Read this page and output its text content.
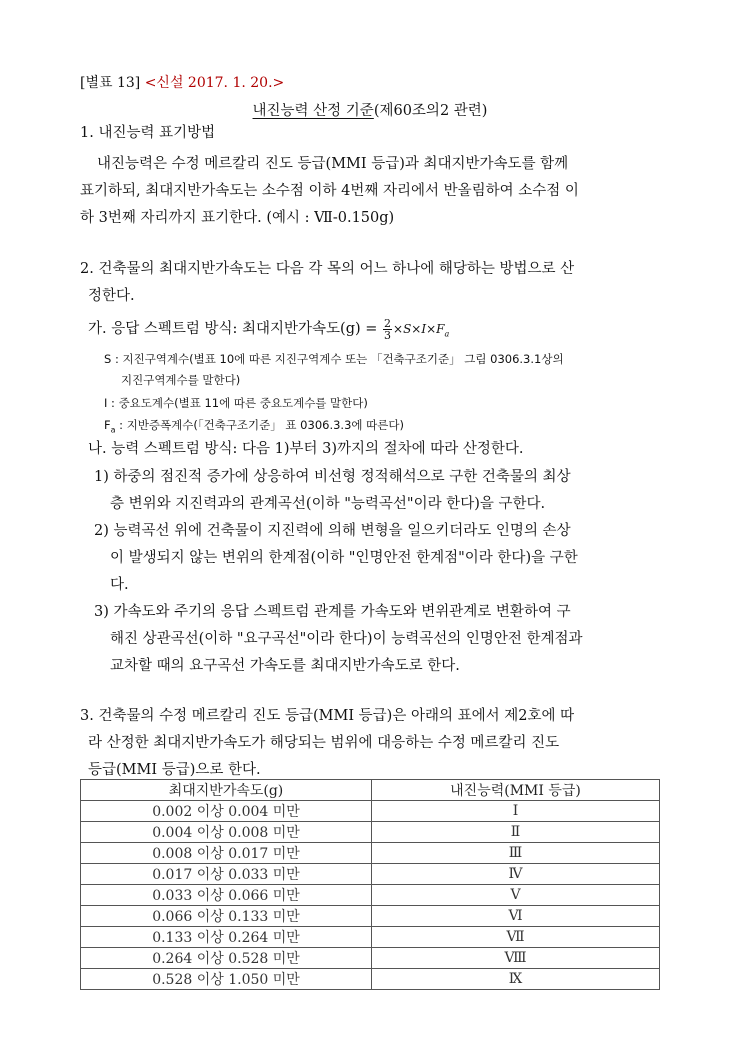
[별표 13] <신설 2017. 1. 20.>
내진능력 산정 기준(제60조의2 관련)
1. 내진능력 표기방법
내진능력은 수정 메르칼리 진도 등급(MMI 등급)과 최대지반가속도를 함께
표기하되, 최대지반가속도는 소수점 이하 4번째 자리에서 반올림하여 소수점 이
하 3번째 자리까지 표기한다. (예시 : Ⅶ-0.150g)
2. 건축물의 최대지반가속도는 다음 각 목의 어느 하나에 해당하는 방법으로 산
정한다.
가. 응답 스펙트럼 방식: 최대지반가속도$(g) = \frac{2}{3} \times S\times I\times F_a$
S : 지진구역계수(별표 10에 따른 지진구역계수 또는 「건축구조기준」 그림 0306.3.1상의
지진구역계수를 말한다)
I : 중요도계수(별표 11에 따른 중요도계수를 말한다)
$F_a$ : 지반증폭계수(「건축구조기준」 표 0306.3.3에 따른다)
나. 능력 스펙트럼 방식: 다음 1)부터 3)까지의 절차에 따라 산정한다.
1) 하중의 점진적 증가에 상응하여 비선형 정적해석으로 구한 건축물의 최상
층 변위와 지진력과의 관계곡선(이하 "능력곡선"이라 한다)을 구한다.
2) 능력곡선 위에 건축물이 지진력에 의해 변형을 일으키더라도 인명의 손상
이 발생되지 않는 변위의 한계점(이하 "인명안전 한계점"이라 한다)을 구한
다.
3) 가속도와 주기의 응답 스펙트럼 관계를 가속도와 변위관계로 변환하여 구
해진 상관곡선(이하 "요구곡선"이라 한다)이 능력곡선의 인명안전 한계점과
교차할 때의 요구곡선 가속도를 최대지반가속도로 한다.
3. 건축물의 수정 메르칼리 진도 등급(MMI 등급)은 아래의 표에서 제2호에 따
라 산정한 최대지반가속도가 해당되는 범위에 대응하는 수정 메르칼리 진도
등급(MMI 등급)으로 한다.
최대지반가속도(g)	내진능력(MMI 등급)
0.002 이상 0.004 미만	Ⅰ
0.004 이상 0.008 미만	Ⅱ
0.008 이상 0.017 미만	Ⅲ
0.017 이상 0.033 미만	Ⅳ
0.033 이상 0.066 미만	Ⅴ
0.066 이상 0.133 미만	Ⅵ
0.133 이상 0.264 미만	Ⅶ
0.264 이상 0.528 미만	Ⅷ
0.528 이상 1.050 미만	Ⅸ
